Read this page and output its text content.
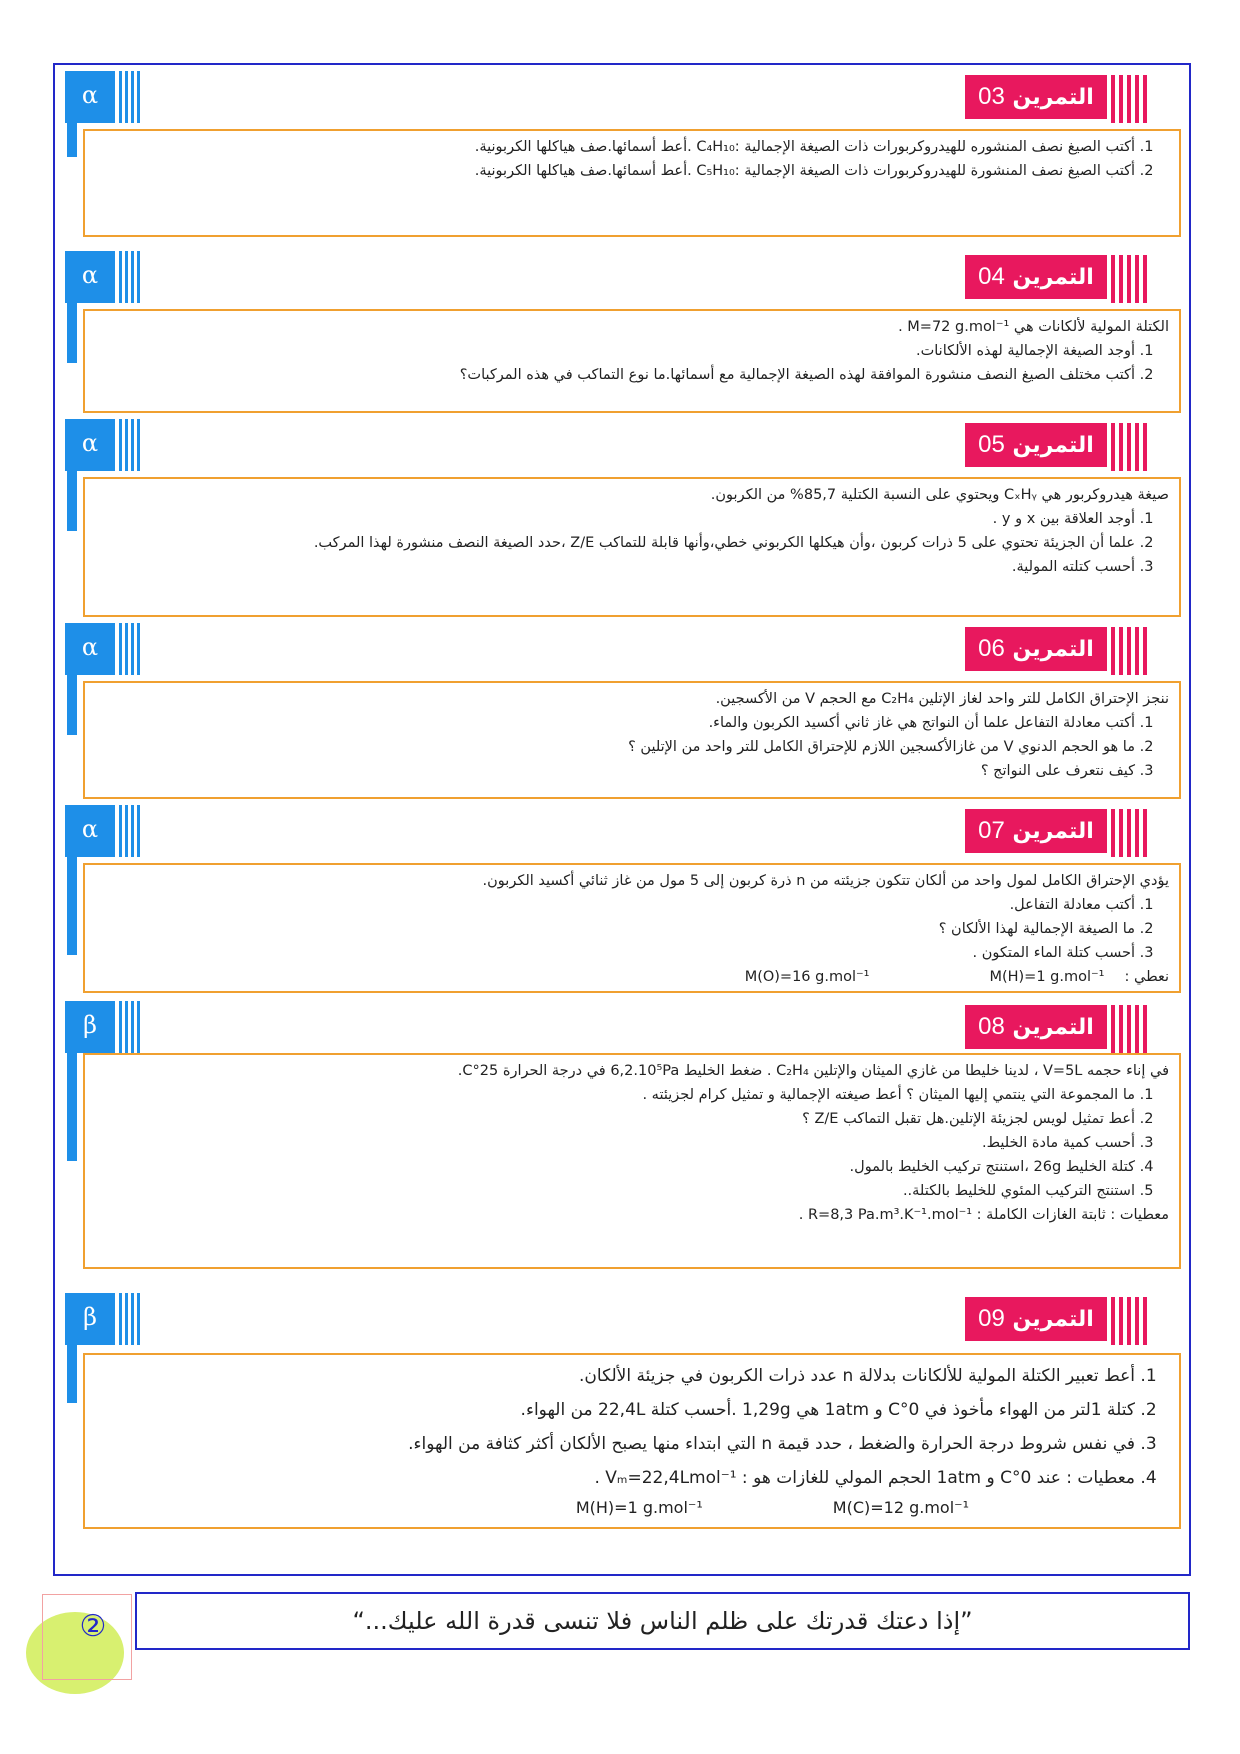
α	التمرين 03
1. أكتب الصيغ نصف المنشوره للهيدروكربورات ذات الصيغة الإجمالية :C₄H₁₀ .أعط أسمائها.صف هياكلها الكربونية.
2. أكتب الصيغ نصف المنشورة للهيدروكربورات ذات الصيغة الإجمالية :C₅H₁₀ .أعط أسمائها.صف هياكلها الكربونية.
α	التمرين 04

الكتلة المولية لألكانات هي M=72 g.mol⁻¹ .

1. أوجد الصيغة الإجمالية لهذه الألكانات.
2. أكتب مختلف الصيغ النصف منشورة الموافقة لهذه الصيغة الإجمالية مع أسمائها.ما نوع التماكب في هذه المركبات؟
α	التمرين 05

صيغة هيدروكربور هي CₓHᵧ ويحتوي على النسبة الكتلية 85,7% من الكربون.

1. أوجد العلاقة بين x و y .
2. علما أن الجزيئة تحتوي على 5 ذرات كربون ،وأن هيكلها الكربوني خطي،وأنها قابلة للتماكب Z/E ،حدد الصيغة النصف منشورة لهذا المركب.
3. أحسب كتلته المولية.
α	التمرين 06

ننجز الإحتراق الكامل للتر واحد لغاز الإتلين C₂H₄ مع الحجم V من الأكسجين.

1. أكتب معادلة التفاعل علما أن النواتج هي غاز ثاني أكسيد الكربون والماء.
2. ما هو الحجم الدنوي V من غازالأكسجين اللازم للإحتراق الكامل للتر واحد من الإتلين ؟
3. كيف نتعرف على النواتج ؟
α	التمرين 07

يؤدي الإحتراق الكامل لمول واحد من ألكان تتكون جزيئته من n ذرة كربون إلى 5 مول من غاز ثنائي أكسيد الكربون.

1. أكتب معادلة التفاعل.
2. ما الصيغة الإجمالية لهذا الألكان ؟
3. أحسب كتلة الماء المتكون .
نعطي :
M(H)=1 g.mol⁻¹
M(O)=16 g.mol⁻¹
β	التمرين 08

في إناء حجمه V=5L ، لدينا خليطا من غازي الميثان والإتلين C₂H₄ . ضغط الخليط 6,2.10⁵Pa في درجة الحرارة 25°C.

1. ما المجموعة التي ينتمي إليها الميثان ؟ أعط صيغته الإجمالية و تمثيل كرام لجزيئته .
2. أعط تمثيل لويس لجزيئة الإتلين.هل تقبل التماكب Z/E ؟
3. أحسب كمية مادة الخليط.
4. كتلة الخليط 26g ،استنتج تركيب الخليط بالمول.
5. استنتج التركيب المئوي للخليط بالكتلة..

معطيات : ثابتة الغازات الكاملة : R=8,3 Pa.m³.K⁻¹.mol⁻¹ .

β	التمرين 09
1. أعط تعبير الكتلة المولية للألكانات بدلالة n عدد ذرات الكربون في جزيئة الألكان.
2. كتلة 1لتر من الهواء مأخوذ في 0°C و 1atm هي 1,29g .أحسب كتلة 22,4L من الهواء.
3. في نفس شروط درجة الحرارة والضغط ، حدد قيمة n التي ابتداء منها يصبح الألكان أكثر كثافة من الهواء.
4. معطيات : عند 0°C و 1atm الحجم المولي للغازات هو : Vₘ=22,4Lmol⁻¹ .
M(C)=12 g.mol⁻¹
M(H)=1 g.mol⁻¹
”إذا دعتك قدرتك على ظلم الناس فلا تنسى قدرة الله عليك...“
②
